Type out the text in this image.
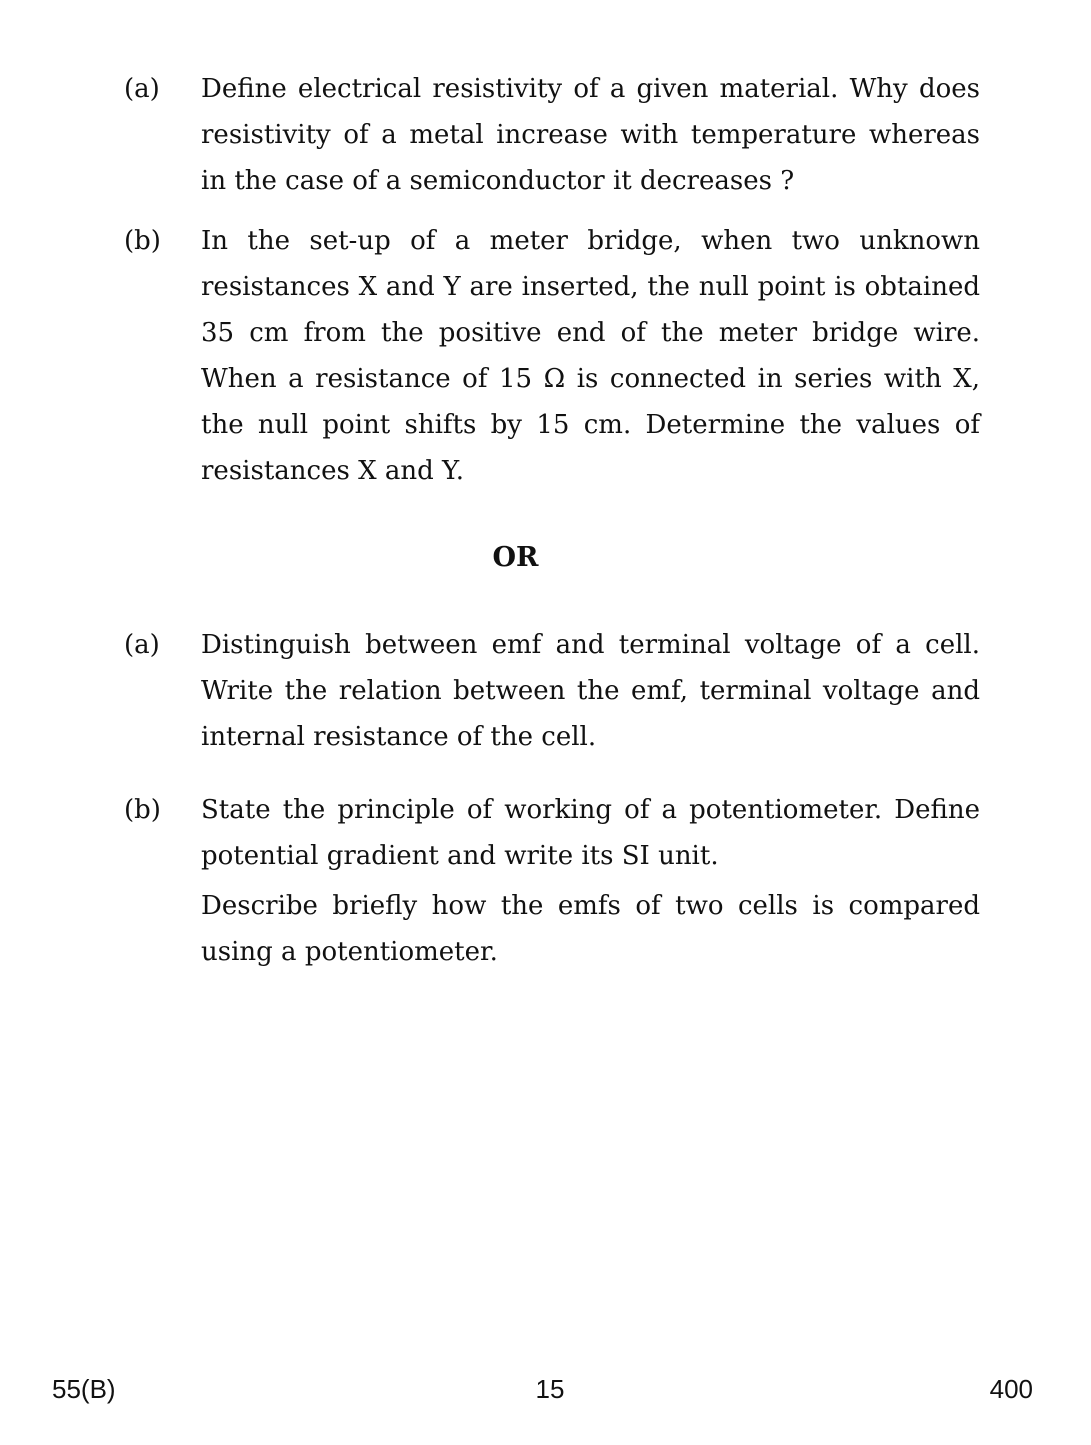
(a)	Define electrical resistivity of a given material. Why does resistivity of a metal increase with temperature whereas in the case of a semiconductor it decreases ?

(b)	In the set-up of a meter bridge, when two unknown resistances X and Y are inserted, the null point is obtained 35 cm from the positive end of the meter bridge wire. When a resistance of 15 Ω is connected in series with X, the null point shifts by 15 cm. Determine the values of resistances X and Y.

OR

(a)	Distinguish between emf and terminal voltage of a cell. Write the relation between the emf, terminal voltage and internal resistance of the cell.

(b)	State the principle of working of a potentiometer. Define potential gradient and write its SI unit.

Describe briefly how the emfs of two cells is compared using a potentiometer.

55(B)	15	400
